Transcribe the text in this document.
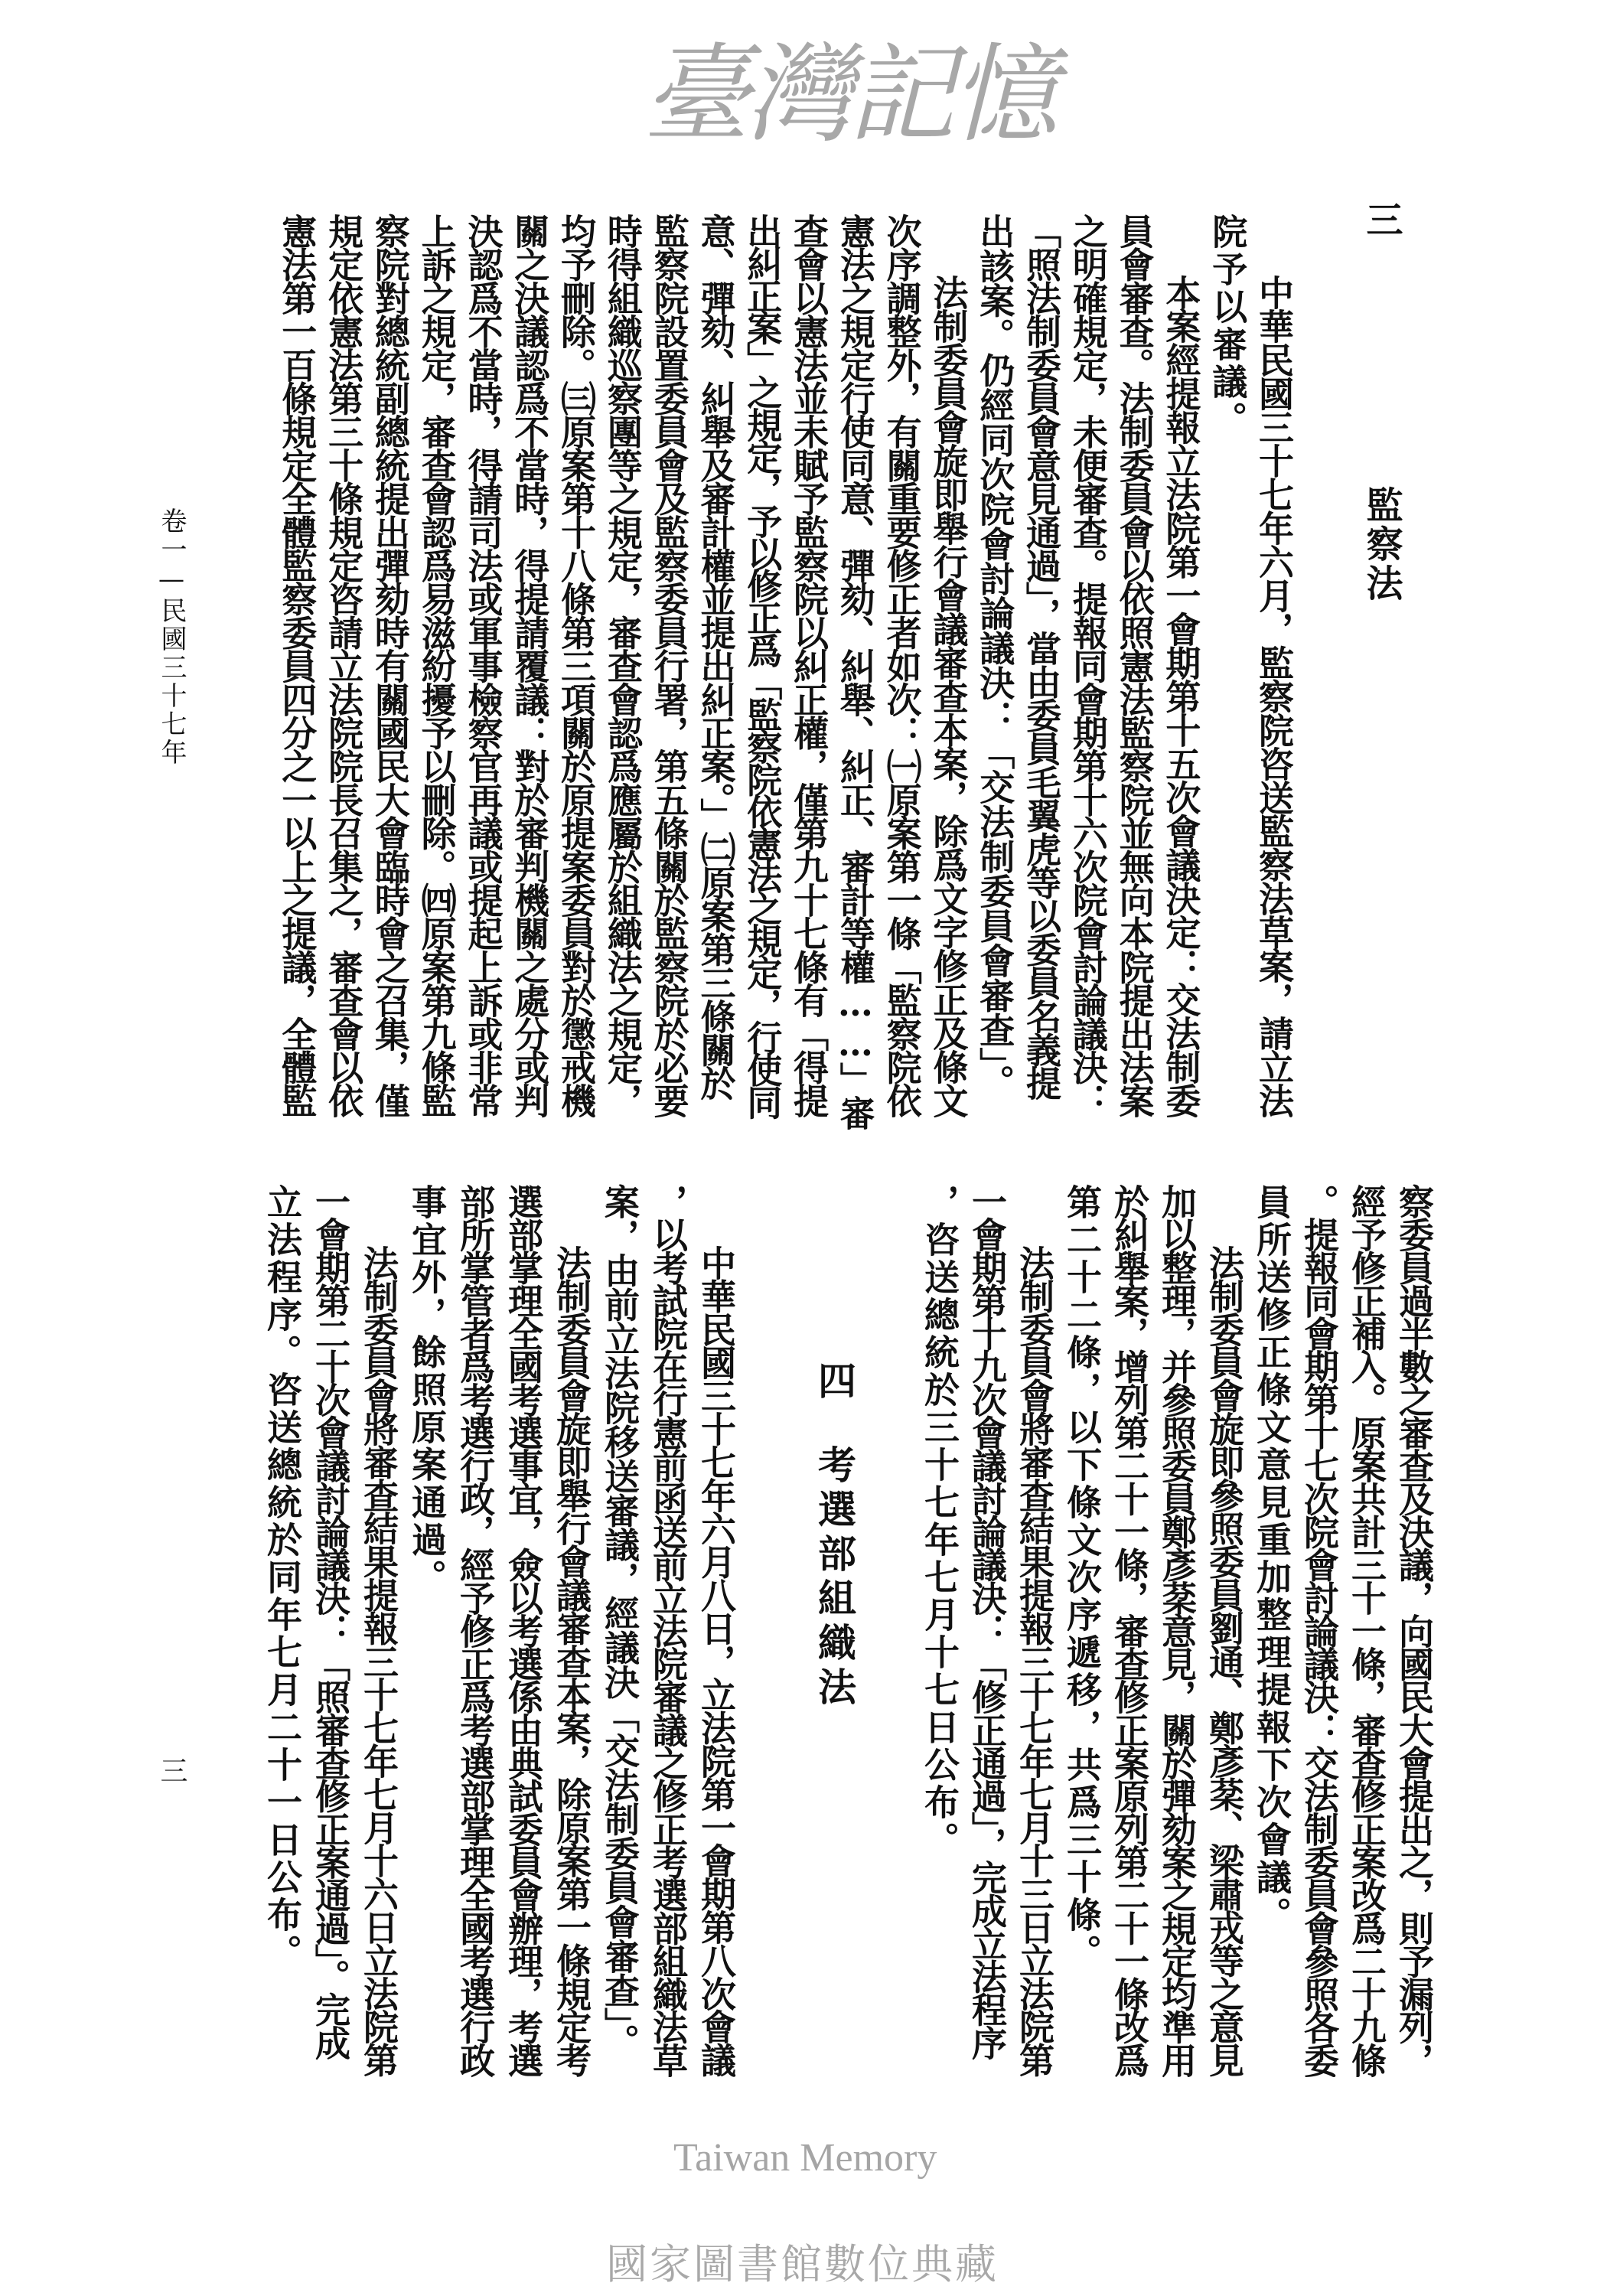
三
監察法
中華民國三十七年六月，監察院咨送監察法草案，請立法
院予以審議。
本案經提報立法院第一會期第十五次會議決定：交法制委
員會審查。法制委員會以依照憲法監察院並無向本院提出法案
之明確規定，未便審查。提報同會期第十六次院會討論議決：
「照法制委員會意見通過」，當由委員毛翼虎等以委員名義提
出該案。仍經同次院會討論議決：「交法制委員會審查」。
法制委員會旋即舉行會議審查本案，除爲文字修正及條文
次序調整外，有關重要修正者如次：㈠原案第一條「監察院依
憲法之規定行使同意、彈劾、糾舉、糾正、審計等權……」審
查會以憲法並未賦予監察院以糾正權，僅第九十七條有「得提
出糾正案」之規定，予以修正爲「監察院依憲法之規定，行使同
意、彈劾、糾舉及審計權並提出糾正案。」㈡原案第三條關於
監察院設置委員會及監察委員行署，第五條關於監察院於必要
時得組織巡察團等之規定，審查會認爲應屬於組織法之規定，
均予刪除。㈢原案第十八條第三項關於原提案委員對於懲戒機
關之決議認爲不當時，得提請覆議：對於審判機關之處分或判
決認爲不當時，得請司法或軍事檢察官再議或提起上訴或非常
上訴之規定，審查會認爲易滋紛擾予以刪除。㈣原案第九條監
察院對總統副總統提出彈劾時有關國民大會臨時會之召集，僅
規定依憲法第三十條規定咨請立法院院長召集之，審查會以依
憲法第一百條規定全體監察委員四分之一以上之提議，全體監
察委員過半數之審查及決議，向國民大會提出之，則予漏列，
經予修正補入。原案共計三十一條，審查修正案改爲二十九條
。提報同會期第十七次院會討論議決：交法制委員會參照各委
員所送修正條文意見重加整理提報下次會議。
法制委員會旋即參照委員劉通、鄭彥棻、梁肅戎等之意見
加以整理，并參照委員鄭彥棻意見，關於彈劾案之規定均準用
於糾舉案，增列第二十一條，審查修正案原列第二十一條改爲
第二十二條，以下條文次序遞移，共爲三十條。
法制委員會將審查結果提報三十七年七月十三日立法院第
一會期第十九次會議討論議決：「修正通過」，完成立法程序
，咨送總統於三十七年七月十七日公布。
四
考選部組織法
中華民國三十七年六月八日，立法院第一會期第八次會議
，以考試院在行憲前函送前立法院審議之修正考選部組織法草
案，由前立法院移送審議，經議決「交法制委員會審查」。
法制委員會旋即舉行會議審查本案，除原案第一條規定考
選部掌理全國考選事宜，僉以考選係由典試委員會辦理，考選
部所掌管者爲考選行政，經予修正爲考選部掌理全國考選行政
事宜外，餘照原案通過。
法制委員會將審查結果提報三十七年七月十六日立法院第
一會期第二十次會議討論議決：「照審查修正案通過」。完成
立法程序。咨送總統於同年七月二十一日公布。
卷一—民國三十七年
三
臺灣記憶
Taiwan Memory
國家圖書館數位典藏
